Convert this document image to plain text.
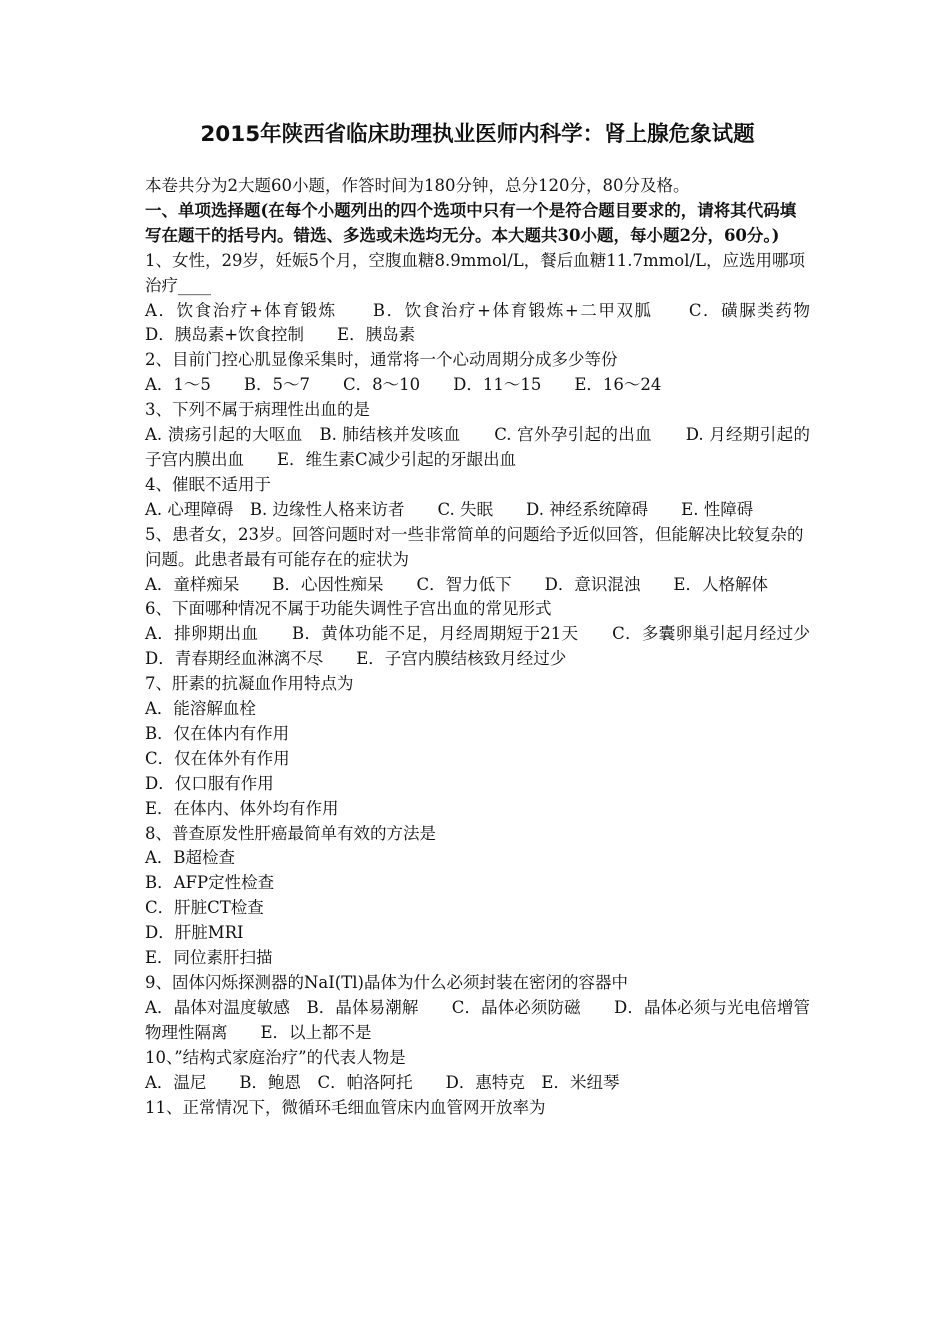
2015年陕西省临床助理执业医师内科学：肾上腺危象试题

本卷共分为2大题60小题，作答时间为180分钟，总分120分，80分及格。

一、单项选择题(在每个小题列出的四个选项中只有一个是符合题目要求的，请将其代码填写在题干的括号内。错选、多选或未选均无分。本大题共30小题，每小题2分，60分。)

1、女性，29岁，妊娠5个月，空腹血糖8.9mmol/L，餐后血糖11.7mmol/L，应选用哪项治疗____

A．饮食治疗+体育锻炼　　B．饮食治疗+体育锻炼+二甲双胍　　C．磺脲类药物　　D．胰岛素+饮食控制　　E．胰岛素

2、目前门控心肌显像采集时，通常将一个心动周期分成多少等份

A．1～5　　B．5～7　　C．8～10　　D．11～15　　E．16～24

3、下列不属于病理性出血的是

A. 溃疡引起的大呕血　B. 肺结核并发咳血　　C. 宫外孕引起的出血　　D. 月经期引起的子宫内膜出血　　E．维生素C减少引起的牙龈出血

4、催眠不适用于

A. 心理障碍　B. 边缘性人格来访者　　C. 失眠　　D. 神经系统障碍　　E. 性障碍

5、患者女，23岁。回答问题时对一些非常简单的问题给予近似回答，但能解决比较复杂的问题。此患者最有可能存在的症状为

A．童样痴呆　　B．心因性痴呆　　C．智力低下　　D．意识混浊　　E．人格解体

6、下面哪种情况不属于功能失调性子宫出血的常见形式

A．排卵期出血　　B．黄体功能不足，月经周期短于21天　　C．多囊卵巢引起月经过少　　D．青春期经血淋漓不尽　　E．子宫内膜结核致月经过少

7、肝素的抗凝血作用特点为

A．能溶解血栓

B．仅在体内有作用

C．仅在体外有作用

D．仅口服有作用

E．在体内、体外均有作用

8、普查原发性肝癌最简单有效的方法是

A．B超检查

B．AFP定性检查

C．肝脏CT检查

D．肝脏MRI

E．同位素肝扫描

9、固体闪烁探测器的NaI(Tl)晶体为什么必须封装在密闭的容器中

A．晶体对温度敏感　B．晶体易潮解　　C．晶体必须防磁　　D．晶体必须与光电倍增管物理性隔离　　E．以上都不是

10、”结构式家庭治疗”的代表人物是

A．温尼　　B．鲍恩　C．帕洛阿托　　D．惠特克　E．米纽琴

11、正常情况下，微循环毛细血管床内血管网开放率为
